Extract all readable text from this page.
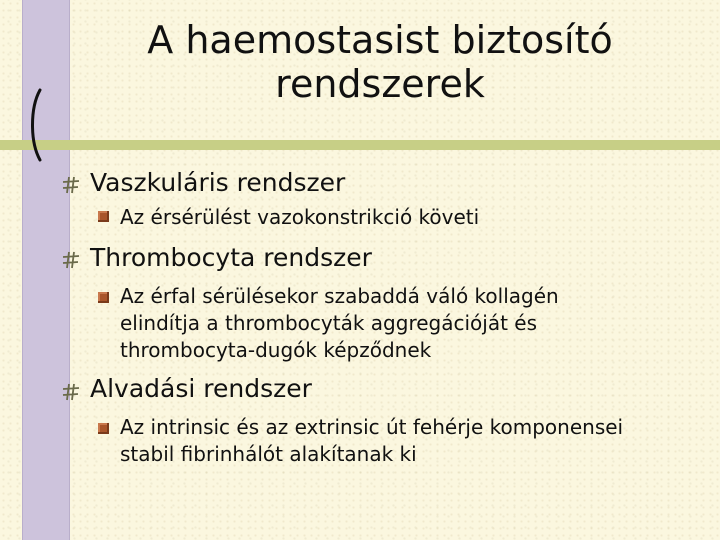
A haemostasist biztosító rendszerek
Vaszkuláris rendszer
Az érsérülést vazokonstrikció követi
Thrombocyta rendszer
Az érfal sérülésekor szabaddá váló kollagén elindítja a thrombocyták aggregációját és thrombocyta-dugók képződnek
Alvadási rendszer
Az intrinsic és az extrinsic út fehérje komponensei stabil fibrinhálót alakítanak ki
